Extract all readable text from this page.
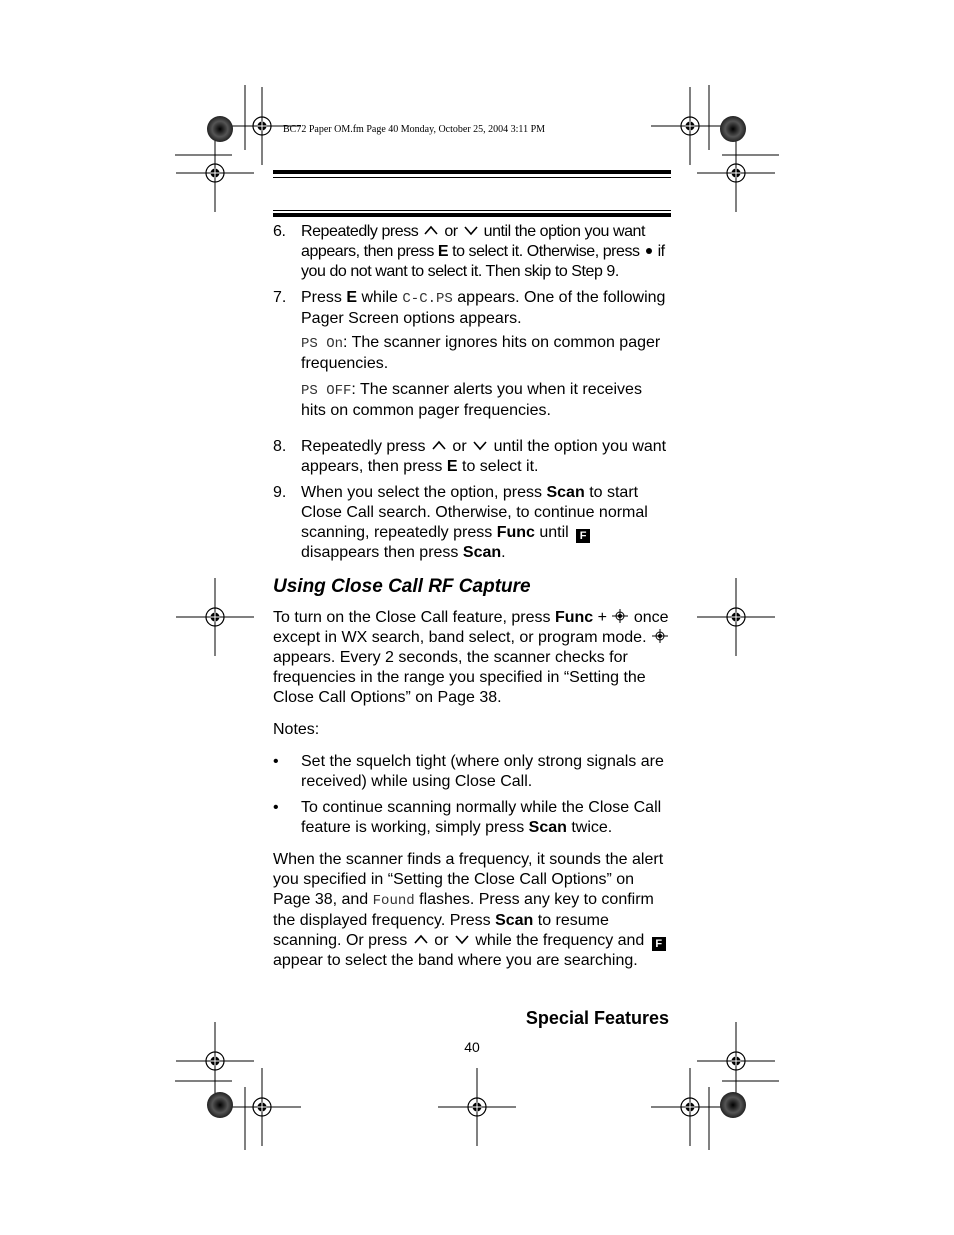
BC72 Paper OM.fm Page 40 Monday, October 25, 2004 3:11 PM
6. Repeatedly press or until the option you want appears, then press E to select it. Otherwise, press if you do not want to select it. Then skip to Step 9.
7. Press E while C-C.PS appears. One of the following Pager Screen options appears.
PS On: The scanner ignores hits on common pager frequencies.
PS OFF: The scanner alerts you when it receives hits on common pager frequencies.
8. Repeatedly press or until the option you want appears, then press E to select it.
9. When you select the option, press Scan to start Close Call search. Otherwise, to continue normal scanning, repeatedly press Func until F disappears then press Scan.
Using Close Call RF Capture

To turn on the Close Call feature, press Func + once except in WX search, band select, or program mode.  appears. Every 2 seconds, the scanner checks for frequencies in the range you specified in “Setting the Close Call Options” on Page 38.

Notes:

• Set the squelch tight (where only strong signals are received) while using Close Call.
• To continue scanning normally while the Close Call feature is working, simply press Scan twice.

When the scanner finds a frequency, it sounds the alert you specified in “Setting the Close Call Options” on Page 38, and Found flashes. Press any key to confirm the displayed frequency. Press Scan to resume scanning. Or press or while the frequency and F appear to select the band where you are searching.

Special Features
40
